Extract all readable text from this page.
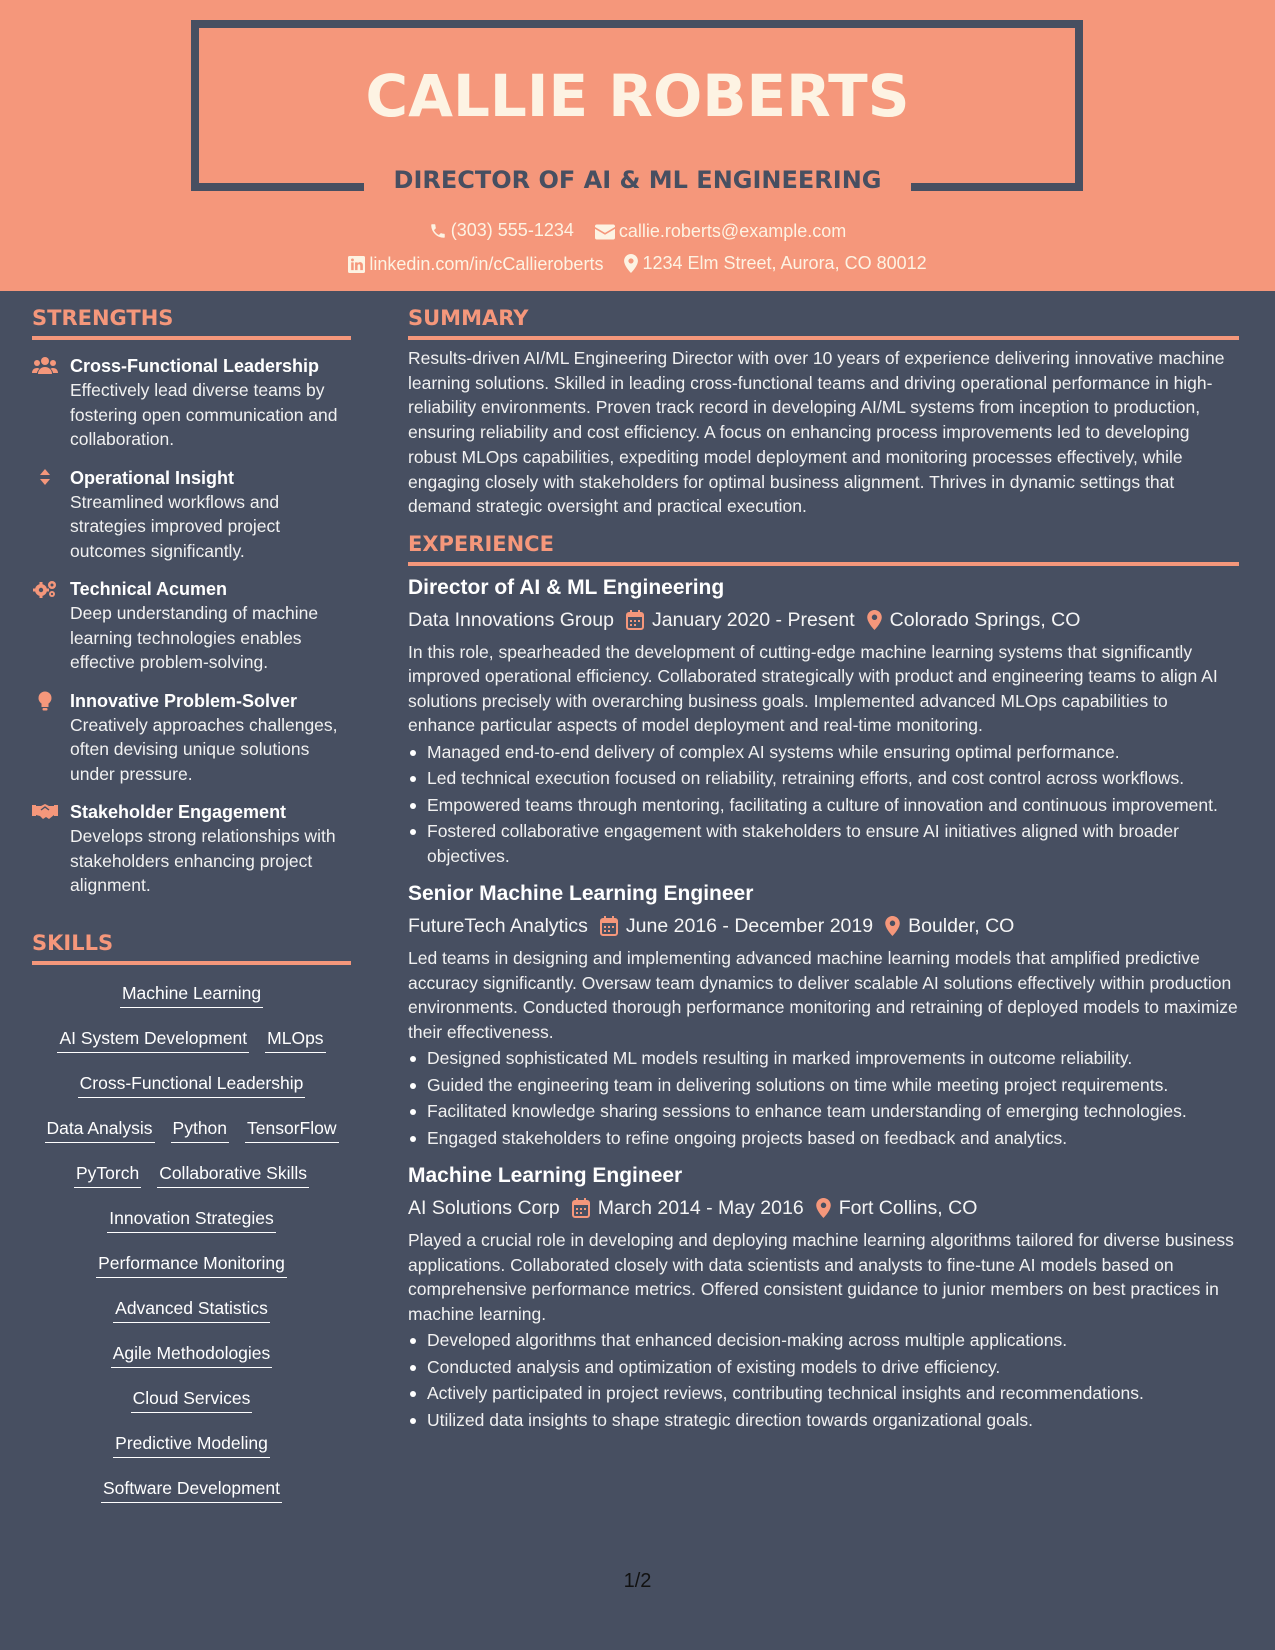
CALLIE ROBERTS
DIRECTOR OF AI & ML ENGINEERING
(303) 555-1234
	callie.roberts@example.com
linkedin.com/in/cCallieroberts
1234 Elm Street, Aurora, CO 80012
STRENGTHS
Cross-Functional Leadership
Effectively lead diverse teams by fostering open communication and collaboration.
Operational Insight
Streamlined workflows and strategies improved project outcomes significantly.
Technical Acumen
Deep understanding of machine learning technologies enables effective problem-solving.
Innovative Problem-Solver
Creatively approaches challenges, often devising unique solutions under pressure.
Stakeholder Engagement
Develops strong relationships with stakeholders enhancing project alignment.
SKILLS
Machine Learning
AI System Development MLOps
Cross-Functional Leadership
Data Analysis Python TensorFlow
PyTorch Collaborative Skills
Innovation Strategies
Performance Monitoring
Advanced Statistics
Agile Methodologies
Cloud Services
Predictive Modeling
Software Development
SUMMARY
Results-driven AI/ML Engineering Director with over 10 years of experience delivering innovative machine learning solutions. Skilled in leading cross-functional teams and driving operational performance in high-reliability environments. Proven track record in developing AI/ML systems from inception to production, ensuring reliability and cost efficiency. A focus on enhancing process improvements led to developing robust MLOps capabilities, expediting model deployment and monitoring processes effectively, while engaging closely with stakeholders for optimal business alignment. Thrives in dynamic settings that demand strategic oversight and practical execution.
EXPERIENCE
Director of AI & ML Engineering
Data Innovations Group January 2020 - Present Colorado Springs, CO
In this role, spearheaded the development of cutting-edge machine learning systems that significantly improved operational efficiency. Collaborated strategically with product and engineering teams to align AI solutions precisely with overarching business goals. Implemented advanced MLOps capabilities to enhance particular aspects of model deployment and real-time monitoring.
Managed end-to-end delivery of complex AI systems while ensuring optimal performance.
Led technical execution focused on reliability, retraining efforts, and cost control across workflows.
Empowered teams through mentoring, facilitating a culture of innovation and continuous improvement.
Fostered collaborative engagement with stakeholders to ensure AI initiatives aligned with broader objectives.
Senior Machine Learning Engineer
FutureTech Analytics June 2016 - December 2019 Boulder, CO
Led teams in designing and implementing advanced machine learning models that amplified predictive accuracy significantly. Oversaw team dynamics to deliver scalable AI solutions effectively within production environments. Conducted thorough performance monitoring and retraining of deployed models to maximize their effectiveness.
Designed sophisticated ML models resulting in marked improvements in outcome reliability.
Guided the engineering team in delivering solutions on time while meeting project requirements.
Facilitated knowledge sharing sessions to enhance team understanding of emerging technologies.
Engaged stakeholders to refine ongoing projects based on feedback and analytics.
Machine Learning Engineer
AI Solutions Corp March 2014 - May 2016 Fort Collins, CO
Played a crucial role in developing and deploying machine learning algorithms tailored for diverse business applications. Collaborated closely with data scientists and analysts to fine-tune AI models based on comprehensive performance metrics. Offered consistent guidance to junior members on best practices in machine learning.
Developed algorithms that enhanced decision-making across multiple applications.
Conducted analysis and optimization of existing models to drive efficiency.
Actively participated in project reviews, contributing technical insights and recommendations.
Utilized data insights to shape strategic direction towards organizational goals.
1/2
